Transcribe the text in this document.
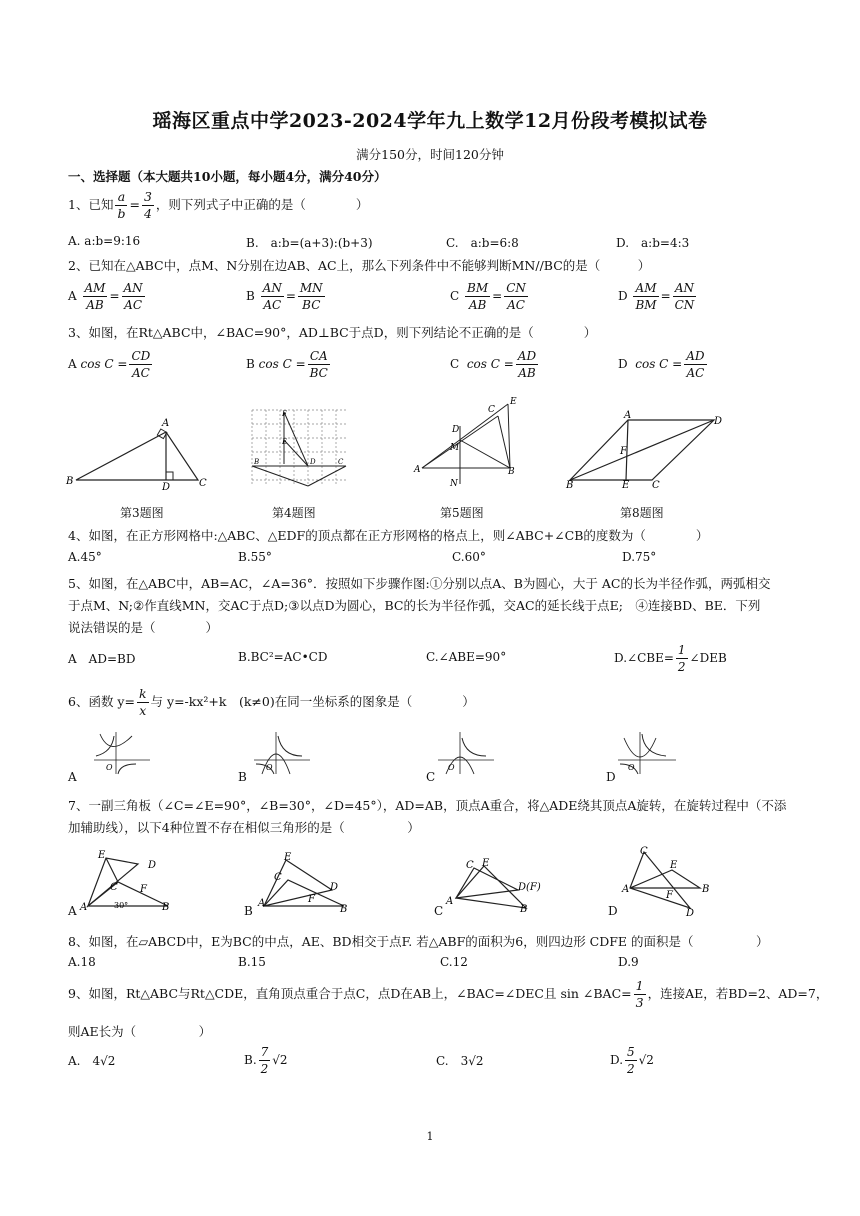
瑶海区重点中学2023-2024学年九上数学12月份段考模拟试卷
满分150分，时间120分钟
一、选择题（本大题共10小题，每小题4分，满分40分）
1、已知 $\frac{a}{b} = \frac{3}{4}$ ，则下列式子中正确的是（　　　　）
A. a:b=9:16	B.　a:b=(a+3):(b+3)	C.　a:b=6:8	D.　a:b=4:3
2、已知在△ABC中，点M、N分别在边AB、AC上，那么下列条件中不能够判断MN//BC的是（　　　）
A $\frac{AM}{AB} = \frac{AN}{AC}$	B $\frac{AN}{AC} = \frac{MN}{BC}$	C $\frac{BM}{AB} = \frac{CN}{AC}$	D $\frac{AM}{BM} = \frac{AN}{CN}$
3、如图，在Rt△ABC中，∠BAC=90°，AD⊥BC于点D，则下列结论不正确的是（　　　　）
A $\cos C = \frac{CD}{AC}$	B $\cos C = \frac{CA}{BC}$	C $\cos C = \frac{AD}{AB}$	D $\cos C = \frac{AD}{AC}$
A
B
D	C
F
E
B	D	C
E
C
D
M
A	B
N
A
D
F
B	E C
第3题图	第4题图	第5题图	第8题图
4、如图，在正方形网格中:△ABC、△EDF的顶点都在正方形网格的格点上，则∠ABC+∠CB的度数为（　　　　）
A.45°	B.55°	C.60°	D.75°
5、如图，在△ABC中，AB=AC，∠A=36°．按照如下步骤作图:①分别以点A、B为圆心，大于 AC的长为半径作弧，两弧相交
于点M、N;②作直线MN，交AC于点D;③以点D为圆心，BC的长为半径作弧，交AC的延长线于点E;　④连接BD、BE．下列
说法错误的是（　　　　）
A　AD=BD	B.BC²=AC•CD	C.∠ABE=90°	D.∠CBE= $\frac{1}{2}$ ∠DEB
6、函数 $y= \frac{k}{x}$ 与 y=-kx²+k　(k≠0)在同一坐标系的图象是（　　　　）
O	O	O	O
A	B	C	D
7、一副三角板（∠C=∠E=90°，∠B=30°，∠D=45°），AD=AB，顶点A重合，将△ADE绕其顶点A旋转，在旋转过程中（不添
加辅助线），以下4种位置不存在相似三角形的是（　　　　　）
E
D
C F
A	30°	B
E
C
D
F
A
B
C E
D(F)
A
B
C
E
F
B
A
D
A	B	C	D
8、如图，在▱ABCD中，E为BC的中点，AE、BD相交于点F. 若△ABF的面积为6，则四边形 CDFE 的面积是（　　　　　）
A.18	B.15	C.12	D.9
9、如图，Rt△ABC与Rt△CDE，直角顶点重合于点C，点D在AB上，∠BAC=∠DEC且 sin ∠BAC= $\frac{1}{3}$ ，连接AE，若BD=2、AD=7，
则AE长为（　　　　　）
A.　4√2	B. $\frac{7}{2} √2$	C.　3√2	D. $\frac{5}{2} √2$
1
